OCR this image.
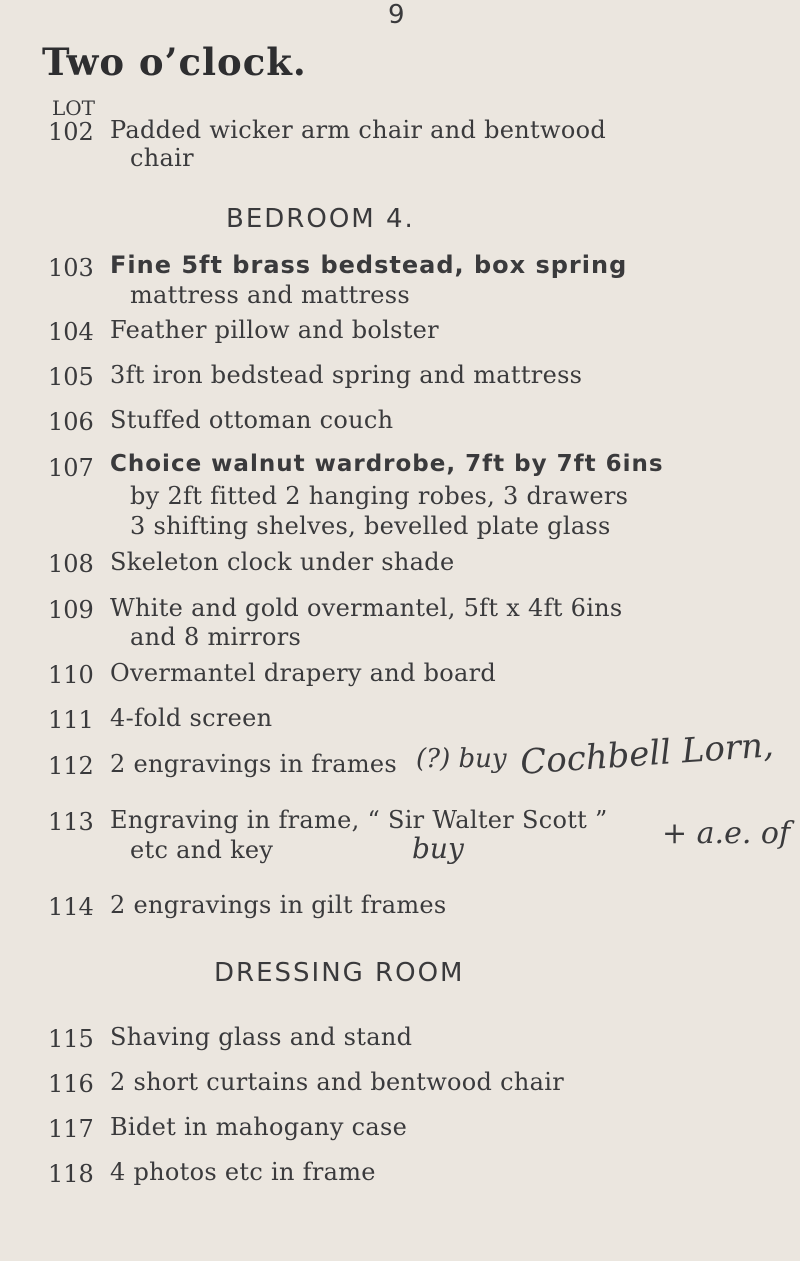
9
Two o’clock.
LOT
102 Padded wicker arm chair and bentwood
chair
BEDROOM 4.
103 Fine 5ft brass bedstead, box spring
mattress and mattress
104 Feather pillow and bolster
105 3ft iron bedstead spring and mattress
106 Stuffed ottoman couch
107 Choice walnut wardrobe, 7ft by 7ft 6ins
by 2ft fitted 2 hanging robes, 3 drawers
3 shifting shelves, bevelled plate glass
108 Skeleton clock under shade
109 White and gold overmantel, 5ft x 4ft 6ins
and 8 mirrors
110 Overmantel drapery and board
111 4-fold screen
112 2 engravings in frames (?) buy Cochbell Lorn,
113 Engraving in frame, “ Sir Walter Scott ”
etc and key	buy	+ a.e. of
114 2 engravings in gilt frames
DRESSING ROOM
115 Shaving glass and stand
116 2 short curtains and bentwood chair
117 Bidet in mahogany case
118 4 photos etc in frame
